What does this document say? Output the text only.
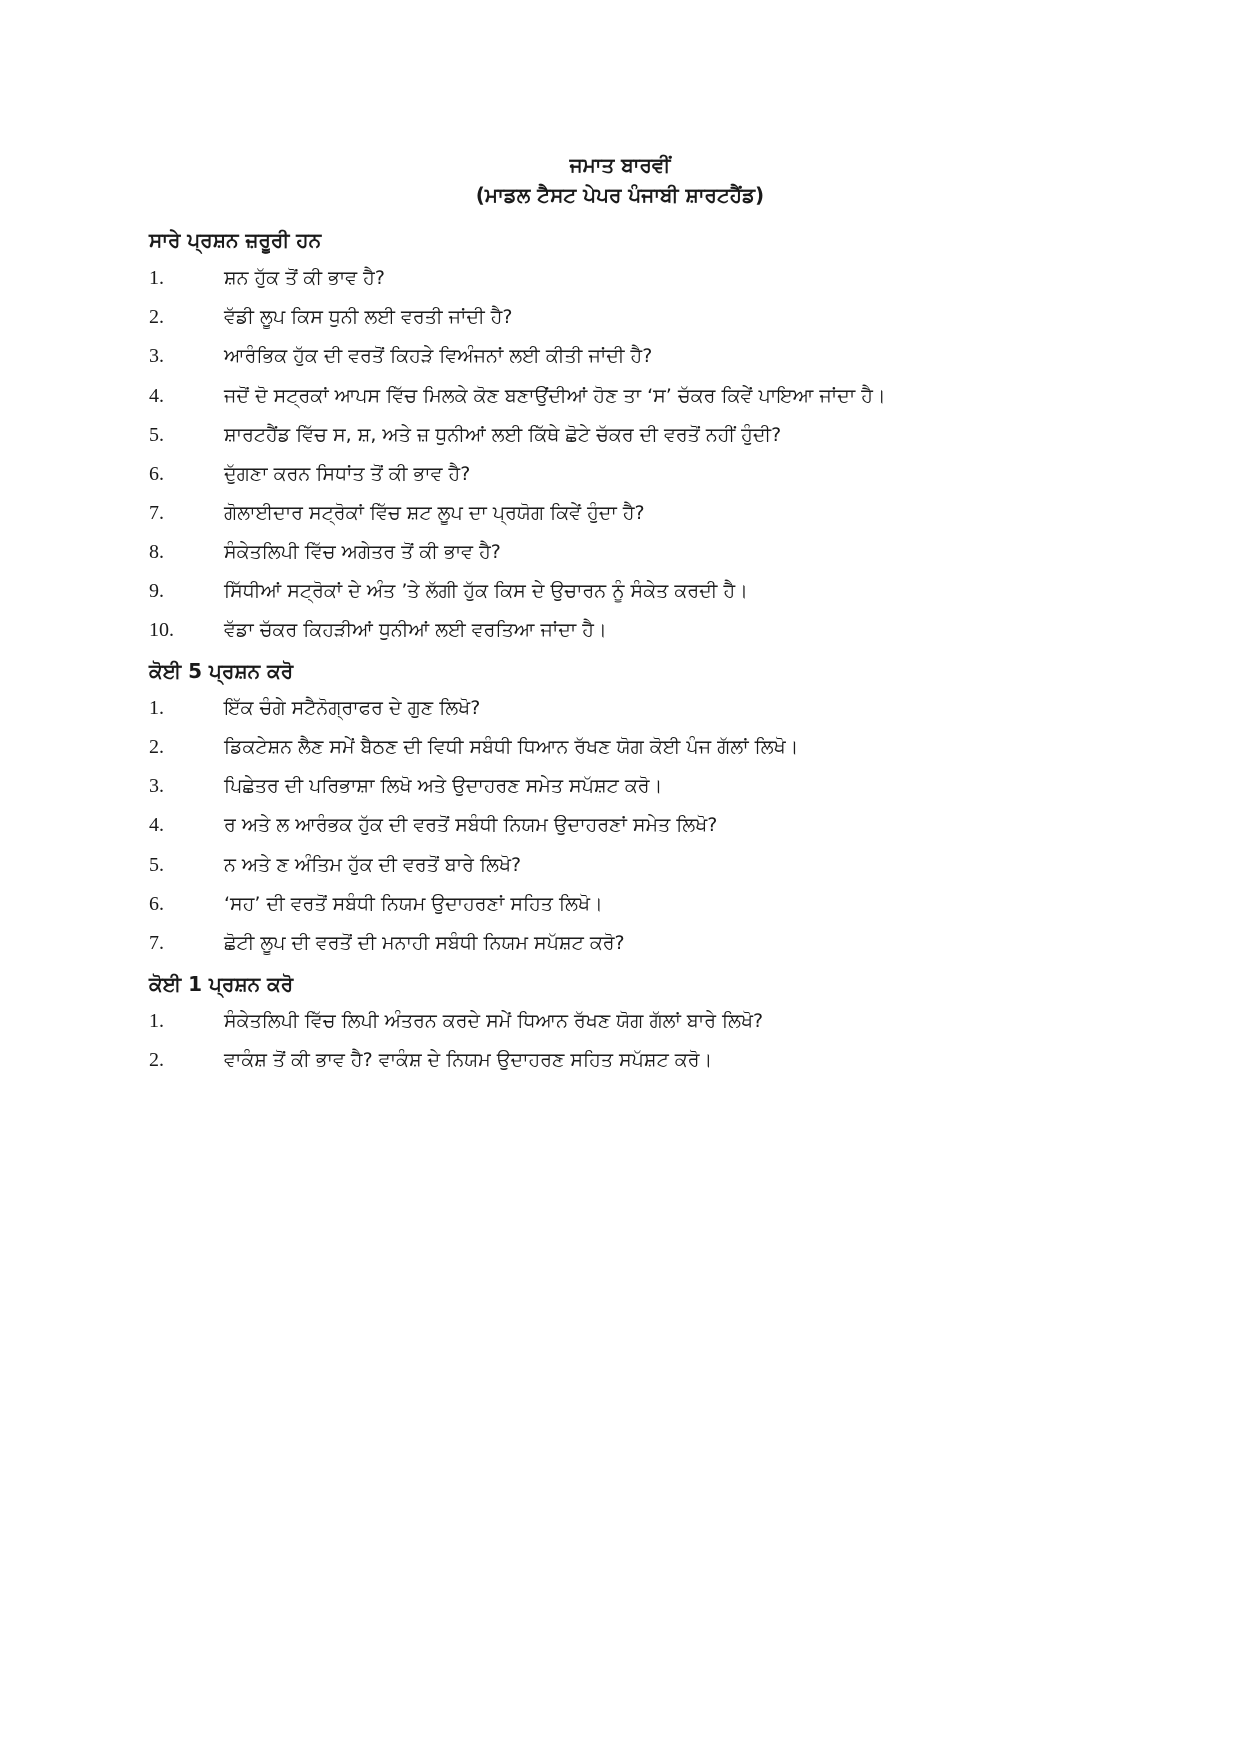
ਜਮਾਤ ਬਾਰਵੀਂ
(ਮਾਡਲ ਟੈਸਟ ਪੇਪਰ ਪੰਜਾਬੀ ਸ਼ਾਰਟਹੈਂਡ)
ਸਾਰੇ ਪ੍ਰਸ਼ਨ ਜ਼ਰੂਰੀ ਹਨ
1.	ਸ਼ਨ ਹੁੱਕ ਤੋਂ ਕੀ ਭਾਵ ਹੈ?
2.	ਵੱਡੀ ਲੂਪ ਕਿਸ ਧੁਨੀ ਲਈ ਵਰਤੀ ਜਾਂਦੀ ਹੈ?
3.	ਆਰੰਭਿਕ ਹੁੱਕ ਦੀ ਵਰਤੋਂ ਕਿਹੜੇ ਵਿਅੰਜਨਾਂ ਲਈ ਕੀਤੀ ਜਾਂਦੀ ਹੈ?
4.	ਜਦੋਂ ਦੋ ਸਟ੍ਰਕਾਂ ਆਪਸ ਵਿੱਚ ਮਿਲਕੇ ਕੋਣ ਬਣਾਉਂਦੀਆਂ ਹੋਣ ਤਾ ‘ਸ’ ਚੱਕਰ ਕਿਵੇਂ ਪਾਇਆ ਜਾਂਦਾ ਹੈ।
5.	ਸ਼ਾਰਟਹੈਂਡ ਵਿੱਚ ਸ, ਸ਼, ਅਤੇ ਜ਼ ਧੁਨੀਆਂ ਲਈ ਕਿੱਥੇ ਛੋਟੇ ਚੱਕਰ ਦੀ ਵਰਤੋਂ ਨਹੀਂ ਹੁੰਦੀ?
6.	ਦੁੱਗਣਾ ਕਰਨ ਸਿਧਾਂਤ ਤੋਂ ਕੀ ਭਾਵ ਹੈ?
7.	ਗੋਲਾਈਦਾਰ ਸਟ੍ਰੋਕਾਂ ਵਿੱਚ ਸ਼ਟ ਲੂਪ ਦਾ ਪ੍ਰਯੋਗ ਕਿਵੇਂ ਹੁੰਦਾ ਹੈ?
8.	ਸੰਕੇਤਲਿਪੀ ਵਿੱਚ ਅਗੇਤਰ ਤੋਂ ਕੀ ਭਾਵ ਹੈ?
9.	ਸਿੱਧੀਆਂ ਸਟ੍ਰੋਕਾਂ ਦੇ ਅੰਤ ’ਤੇ ਲੱਗੀ ਹੁੱਕ ਕਿਸ ਦੇ ਉਚਾਰਨ ਨੂੰ ਸੰਕੇਤ ਕਰਦੀ ਹੈ।
10.	ਵੱਡਾ ਚੱਕਰ ਕਿਹੜੀਆਂ ਧੁਨੀਆਂ ਲਈ ਵਰਤਿਆ ਜਾਂਦਾ ਹੈ।
ਕੋਈ 5 ਪ੍ਰਸ਼ਨ ਕਰੋ
1.	ਇੱਕ ਚੰਗੇ ਸਟੈਨੋਗ੍ਰਾਫਰ ਦੇ ਗੁਣ ਲਿਖੋ?
2.	ਡਿਕਟੇਸ਼ਨ ਲੈਣ ਸਮੇਂ ਬੈਠਣ ਦੀ ਵਿਧੀ ਸਬੰਧੀ ਧਿਆਨ ਰੱਖਣ ਯੋਗ ਕੋਈ ਪੰਜ ਗੱਲਾਂ ਲਿਖੋ।
3.	ਪਿਛੇਤਰ ਦੀ ਪਰਿਭਾਸ਼ਾ ਲਿਖੋ ਅਤੇ ਉਦਾਹਰਣ ਸਮੇਤ ਸਪੱਸ਼ਟ ਕਰੋ।
4.	ਰ ਅਤੇ ਲ ਆਰੰਭਕ ਹੁੱਕ ਦੀ ਵਰਤੋਂ ਸਬੰਧੀ ਨਿਯਮ ਉਦਾਹਰਣਾਂ ਸਮੇਤ ਲਿਖੋ?
5.	ਨ ਅਤੇ ਣ ਅੰਤਿਮ ਹੁੱਕ ਦੀ ਵਰਤੋਂ ਬਾਰੇ ਲਿਖੋ?
6.	‘ਸਹ’ ਦੀ ਵਰਤੋਂ ਸਬੰਧੀ ਨਿਯਮ ਉਦਾਹਰਣਾਂ ਸਹਿਤ ਲਿਖੋ।
7.	ਛੋਟੀ ਲੂਪ ਦੀ ਵਰਤੋਂ ਦੀ ਮਨਾਹੀ ਸਬੰਧੀ ਨਿਯਮ ਸਪੱਸ਼ਟ ਕਰੋ?
ਕੋਈ 1 ਪ੍ਰਸ਼ਨ ਕਰੋ
1.	ਸੰਕੇਤਲਿਪੀ ਵਿੱਚ ਲਿਪੀ ਅੰਤਰਨ ਕਰਦੇ ਸਮੇਂ ਧਿਆਨ ਰੱਖਣ ਯੋਗ ਗੱਲਾਂ ਬਾਰੇ ਲਿਖੋ?
2.	ਵਾਕੰਸ਼ ਤੋਂ ਕੀ ਭਾਵ ਹੈ? ਵਾਕੰਸ਼ ਦੇ ਨਿਯਮ ਉਦਾਹਰਣ ਸਹਿਤ ਸਪੱਸ਼ਟ ਕਰੋ।
